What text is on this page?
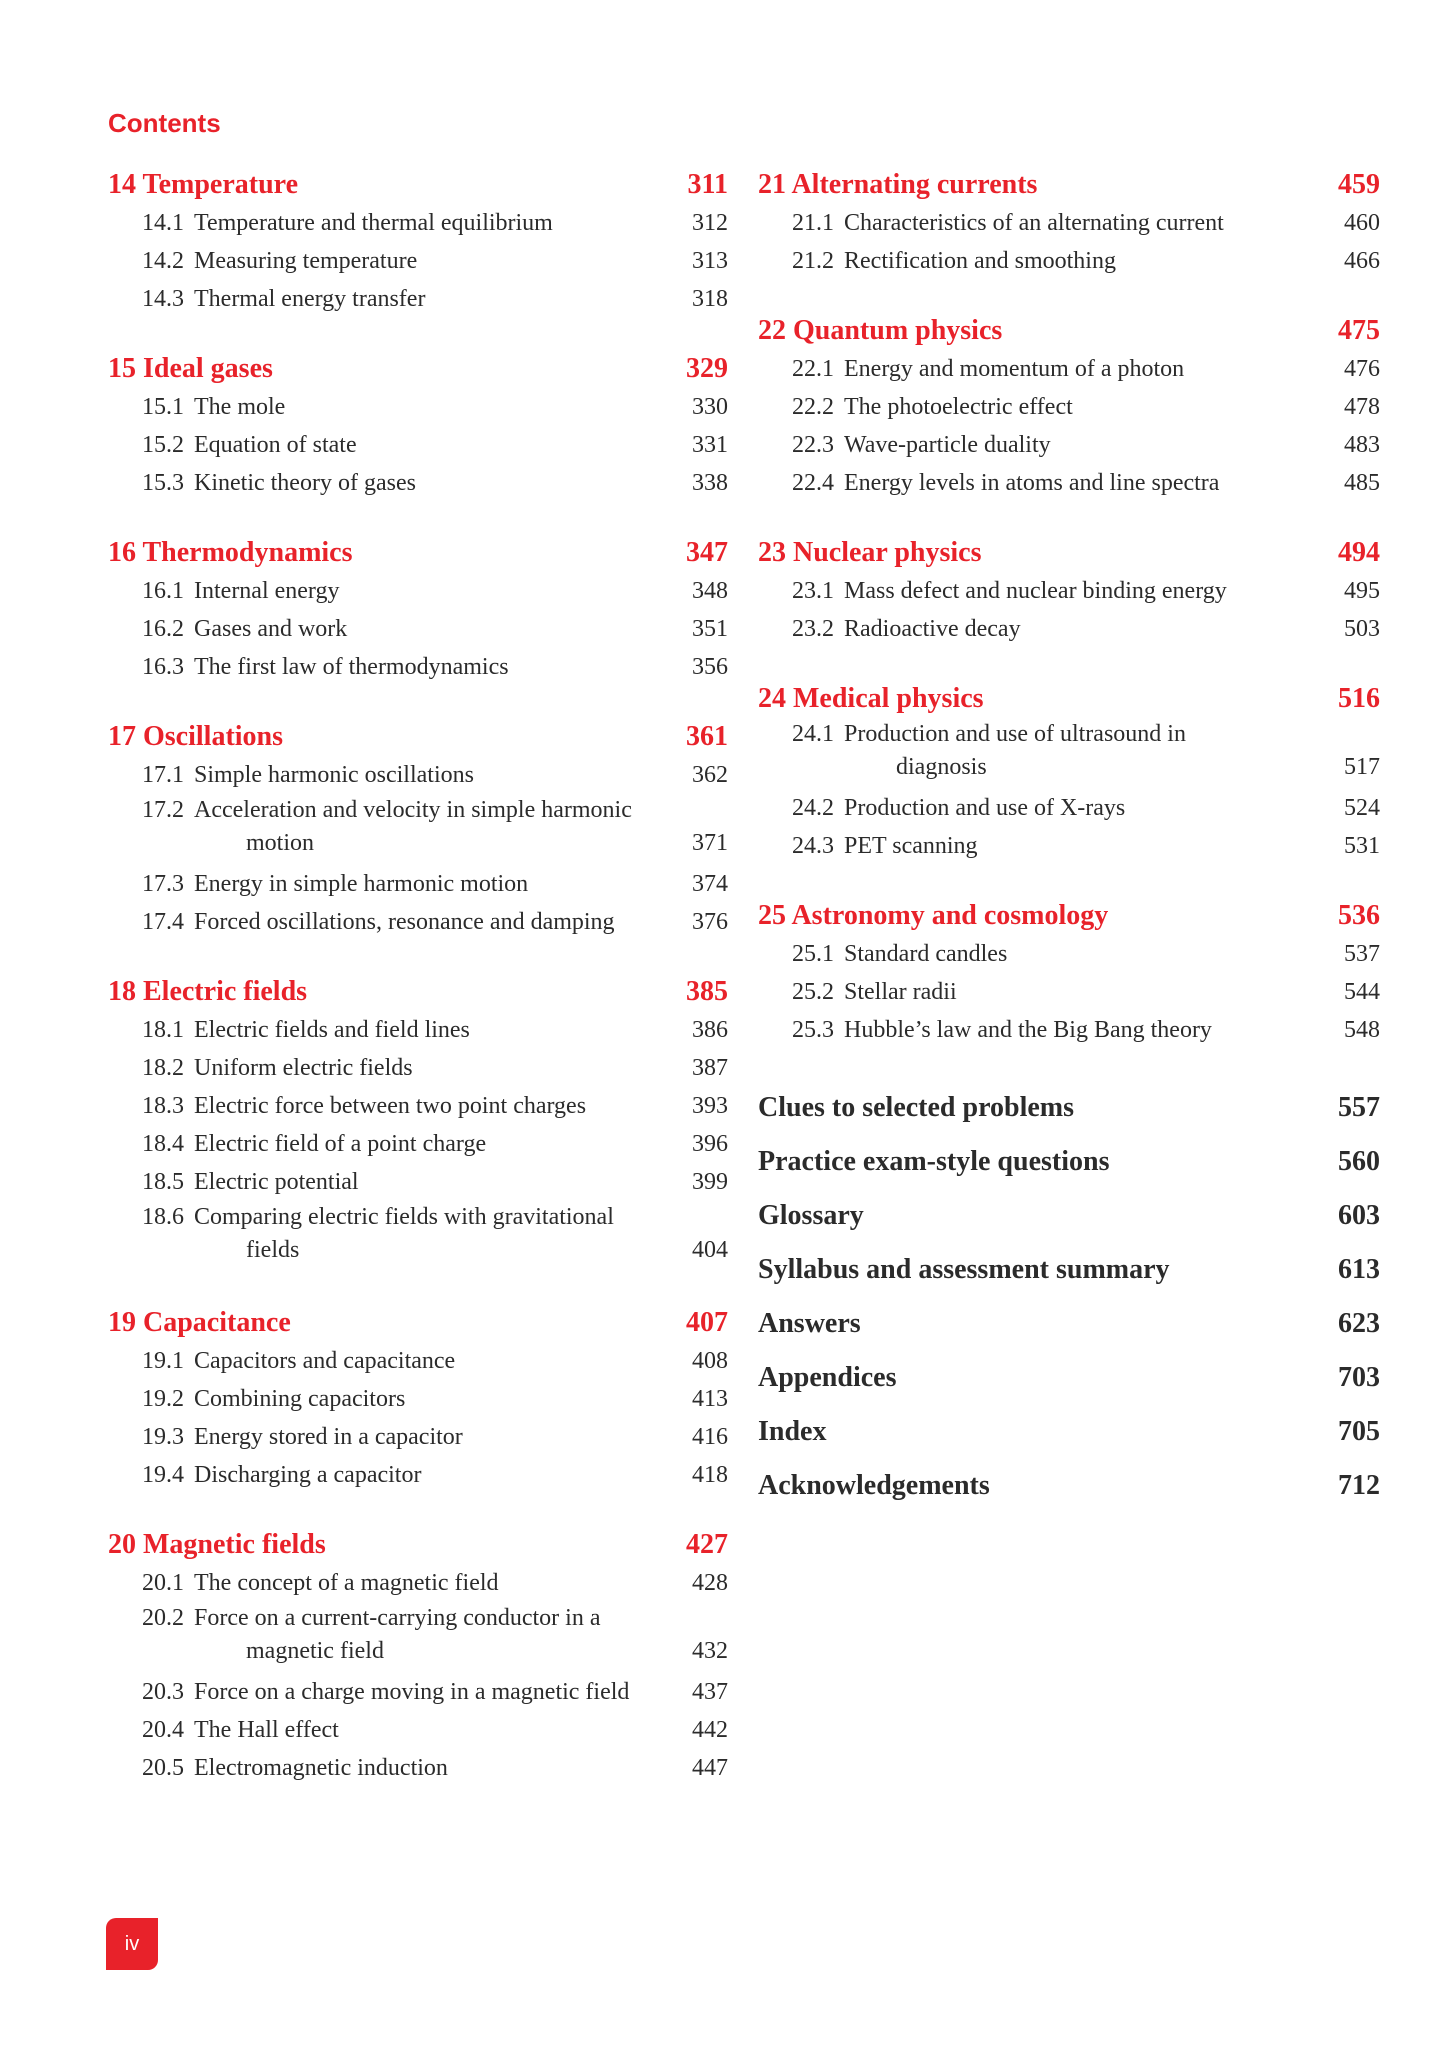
Contents
14 Temperature	311
14.1 Temperature and thermal equilibrium	312
14.2 Measuring temperature	313
14.3 Thermal energy transfer	318
15 Ideal gases	329
15.1 The mole	330
15.2 Equation of state	331
15.3 Kinetic theory of gases	338
16 Thermodynamics	347
16.1 Internal energy	348
16.2 Gases and work	351
16.3 The first law of thermodynamics	356
17 Oscillations	361
17.1 Simple harmonic oscillations	362
17.2 Acceleration and velocity in simple harmonic
motion	371
17.3 Energy in simple harmonic motion	374
17.4 Forced oscillations, resonance and damping	376
18 Electric fields	385
18.1 Electric fields and field lines	386
18.2 Uniform electric fields	387
18.3 Electric force between two point charges	393
18.4 Electric field of a point charge	396
18.5 Electric potential	399
18.6 Comparing electric fields with gravitational
fields	404
19 Capacitance	407
19.1 Capacitors and capacitance	408
19.2 Combining capacitors	413
19.3 Energy stored in a capacitor	416
19.4 Discharging a capacitor	418
20 Magnetic fields	427
20.1 The concept of a magnetic field	428
20.2 Force on a current-carrying conductor in a
magnetic field	432
20.3 Force on a charge moving in a magnetic field	437
20.4 The Hall effect	442
20.5 Electromagnetic induction	447
21 Alternating currents	459
21.1 Characteristics of an alternating current	460
21.2 Rectification and smoothing	466
22 Quantum physics	475
22.1 Energy and momentum of a photon	476
22.2 The photoelectric effect	478
22.3 Wave-particle duality	483
22.4 Energy levels in atoms and line spectra	485
23 Nuclear physics	494
23.1 Mass defect and nuclear binding energy	495
23.2 Radioactive decay	503
24 Medical physics	516
24.1 Production and use of ultrasound in
diagnosis	517
24.2 Production and use of X-rays	524
24.3 PET scanning	531
25 Astronomy and cosmology	536
25.1 Standard candles	537
25.2 Stellar radii	544
25.3 Hubble’s law and the Big Bang theory	548
Clues to selected problems	557
Practice exam-style questions	560
Glossary	603
Syllabus and assessment summary	613
Answers	623
Appendices	703
Index	705
Acknowledgements	712
iv
